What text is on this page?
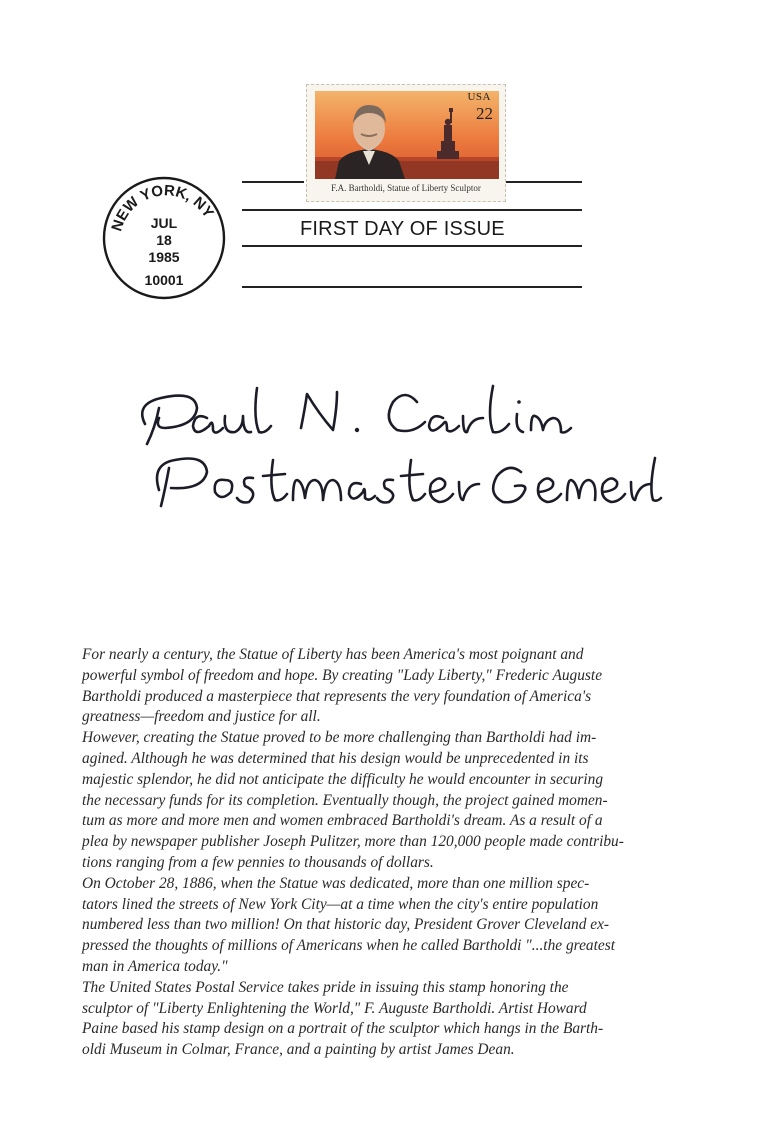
NEW YORK, NY
JUL
18
1985
10001
USA
22
F.A. Bartholdi, Statue of Liberty Sculptor
FIRST DAY OF ISSUE

For nearly a century, the Statue of Liberty has been America's most poignant and
powerful symbol of freedom and hope. By creating "Lady Liberty," Frederic Auguste
Bartholdi produced a masterpiece that represents the very foundation of America's
greatness—freedom and justice for all.

However, creating the Statue proved to be more challenging than Bartholdi had im-
agined. Although he was determined that his design would be unprecedented in its
majestic splendor, he did not anticipate the difficulty he would encounter in securing
the necessary funds for its completion. Eventually though, the project gained momen-
tum as more and more men and women embraced Bartholdi's dream. As a result of a
plea by newspaper publisher Joseph Pulitzer, more than 120,000 people made contribu-
tions ranging from a few pennies to thousands of dollars.

On October 28, 1886, when the Statue was dedicated, more than one million spec-
tators lined the streets of New York City—at a time when the city's entire population
numbered less than two million! On that historic day, President Grover Cleveland ex-
pressed the thoughts of millions of Americans when he called Bartholdi "...the greatest
man in America today."

The United States Postal Service takes pride in issuing this stamp honoring the
sculptor of "Liberty Enlightening the World," F. Auguste Bartholdi. Artist Howard
Paine based his stamp design on a portrait of the sculptor which hangs in the Barth-
oldi Museum in Colmar, France, and a painting by artist James Dean.
